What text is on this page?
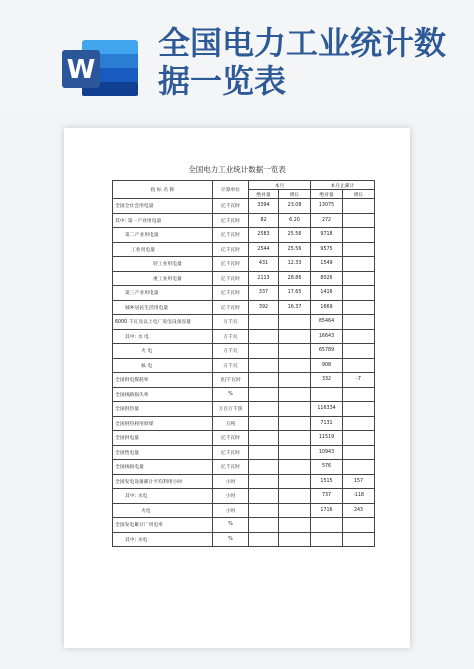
W
全国电力工业统计数据一览表
全国电力工业统计数据一览表
指 标 名 称	计算单位	本月		本月止累计	
		绝对量	增长	绝对量	增长
全国全社会用电量	亿千瓦时	3394	23.08	13075	
其中: 第一产业用电量	亿千瓦时	82	6.20	272	
第二产业用电量	亿千瓦时	2583	25.56	9718	
工业用电量	亿千瓦时	2544	25.56	9575	
轻工业用电量	亿千瓦时	431	12.33	1549	
重工业用电量	亿千瓦时	2113	28.86	8026	
第三产业用电量	亿千瓦时	337	17.65	1416	
城乡居民生活用电量	亿千瓦时	392	16.37	1669	
6000 千瓦及以上电厂发电设备容量	万千瓦			85464	
其中: 水 电	万千瓦			16643	
火 电	万千瓦			65789	
核 电	万千瓦			908	
全国供电煤耗率	克/千瓦时			332	-7
全国线路损失率	%				
全国供热量	万百万千焦			116334	
全国供热耗用原煤	万吨			7131	
全国供电量	亿千瓦时			11519	
全国售电量	亿千瓦时			10943	
全国线损电量	亿千瓦时			576	
全国发电设备累计平均利用小时	小时			1515	157
其中: 水电	小时			737	-118
火电	小时			1716	243
全国发电累计厂用电率	%				
其中: 水电	%				
